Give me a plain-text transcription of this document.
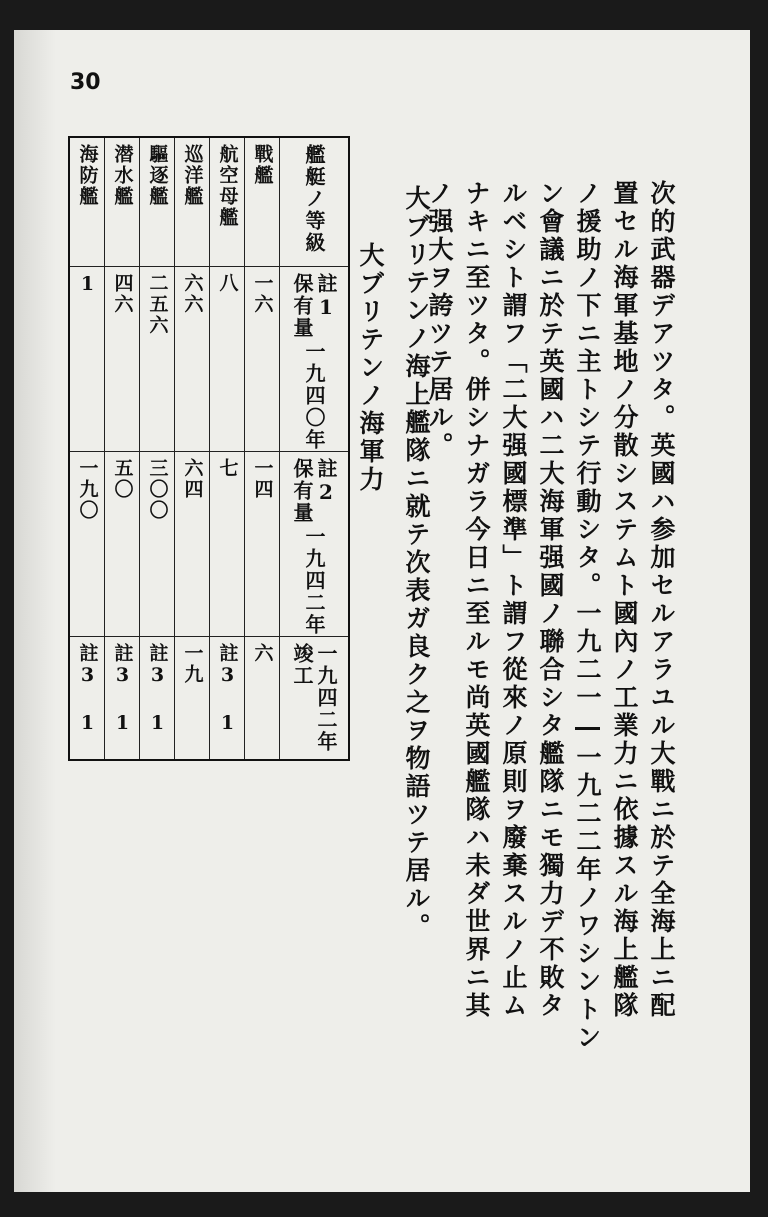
30
次的武器デアツタ。英國ハ参加セルアラユル大戰ニ於テ全海上ニ配
置セル海軍基地ノ分散システムト國內ノ工業力ニ依據スル海上艦隊
ノ援助ノ下ニ主トシテ行動シタ。一九二一―一九二二年ノワシントン
ン會議ニ於テ英國ハ二大海軍强國ノ聯合シタ艦隊ニモ獨力デ不敗タ
ルベシト謂フ「二大强國標準」ト謂フ從來ノ原則ヲ廢棄スルノ止ム
ナキニ至ツタ。併シナガラ今日ニ至ルモ尚英國艦隊ハ未ダ世界ニ其
ノ强大ヲ誇ツテ居ル。
大ブリテンノ海上艦隊ニ就テ次表ガ良ク之ヲ物語ツテ居ル。
大ブリテンノ海軍力
海防艦	潜水艦	驅逐艦	巡洋艦	航空母艦	戰艦	艦艇ノ等級

1	四六	二五六	六六	八	一六	註1
保有量
一九四〇年

一九〇	五〇	三〇〇	六四	七	一四	註2
保有量
一九四二年

註3 1	註3 1	註3 1	一九	註3 1	六	一九四二年
竣工
